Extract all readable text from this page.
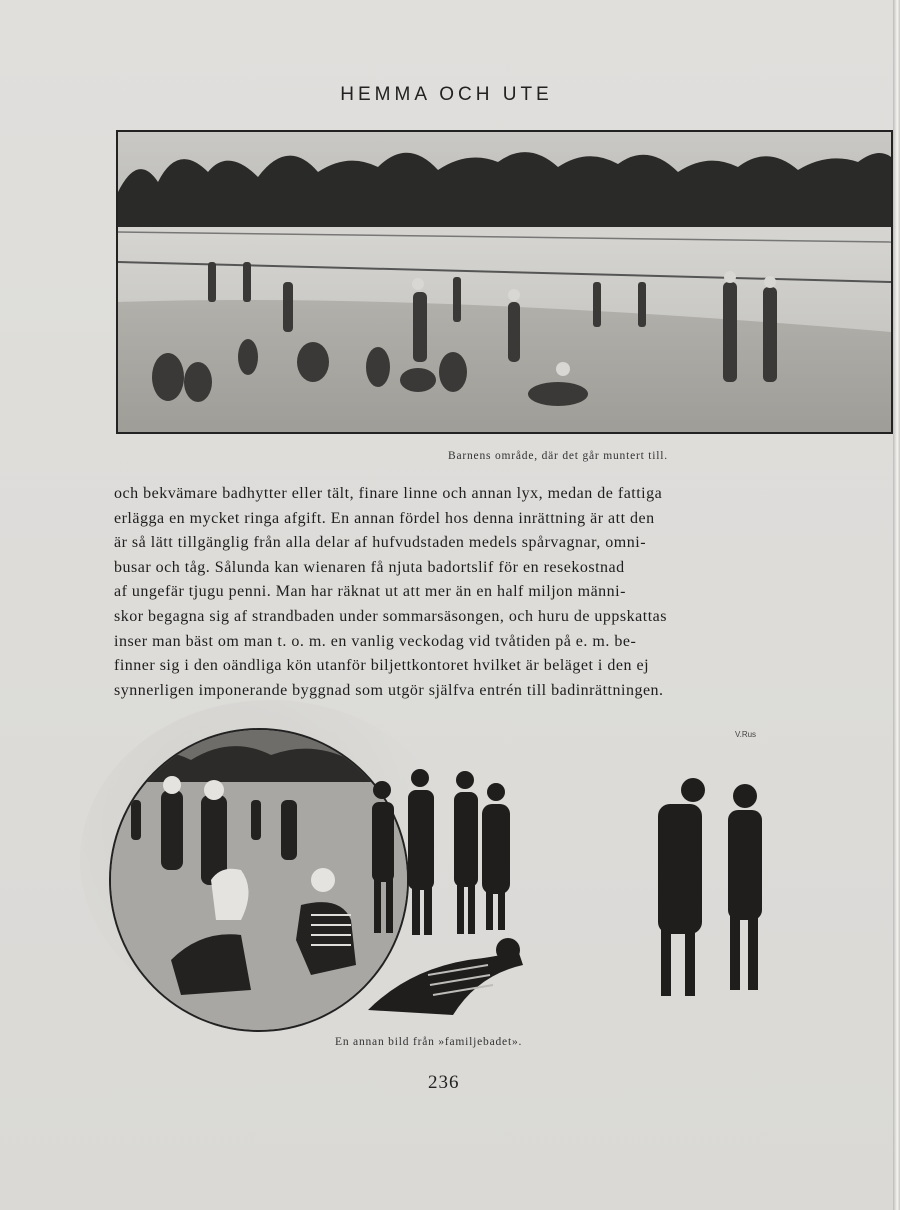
HEMMA OCH UTE
Barnens område, där det går muntert till.

och bekvämare badhytter eller tält, finare linne och annan lyx, medan de fattiga

erlägga en mycket ringa afgift. En annan fördel hos denna inrättning är att den

är så lätt tillgänglig från alla delar af hufvudstaden medels spårvagnar, omni-

busar och tåg. Sålunda kan wienaren få njuta badortslif för en resekostnad

af ungefär tjugu penni. Man har räknat ut att mer än en half miljon männi-

skor begagna sig af strandbaden under sommarsäsongen, och huru de uppskattas

inser man bäst om man t. o. m. en vanlig veckodag vid tvåtiden på e. m. be-

finner sig i den oändliga kön utanför biljettkontoret hvilket är beläget i den ej

synnerligen imponerande byggnad som utgör själfva entrén till badinrättningen.

V.Rus
En annan bild från »familjebadet».
236
